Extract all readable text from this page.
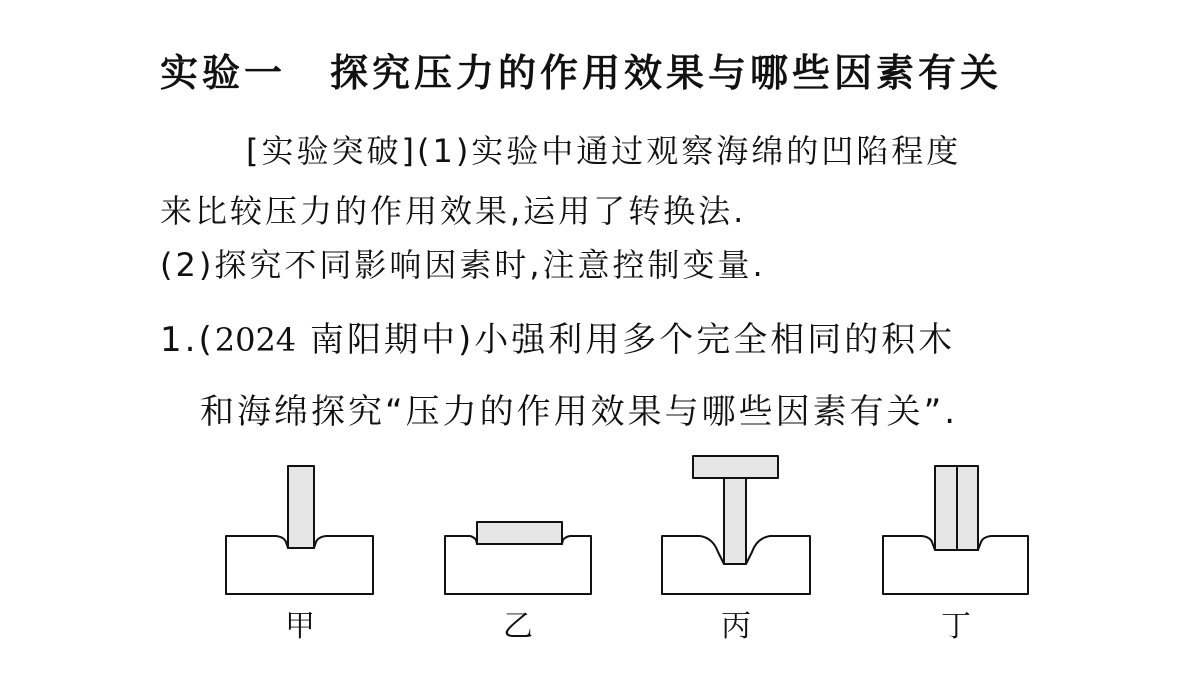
实验一 探究压力的作用效果与哪些因素有关
[实验突破](1)实验中通过观察海绵的凹陷程度
来比较压力的作用效果,运用了转换法.
(2)探究不同影响因素时,注意控制变量.
1.(2024 南阳期中)小强利用多个完全相同的积木
和海绵探究“压力的作用效果与哪些因素有关”.
甲	乙	丙	丁
